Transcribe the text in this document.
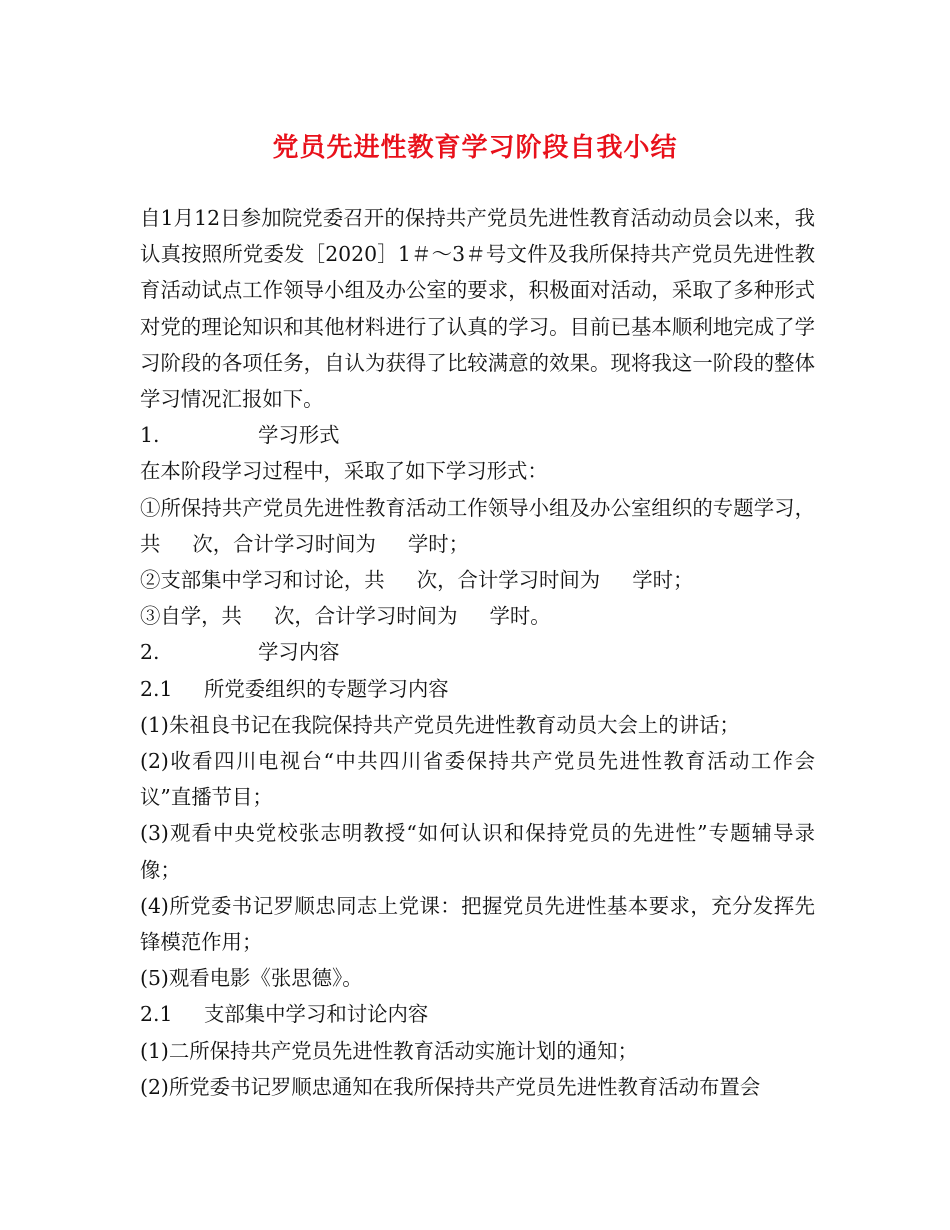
党员先进性教育学习阶段自我小结

自1月12日参加院党委召开的保持共产党员先进性教育活动动员会以来，我认真按照所党委发［2020］1＃～3＃号文件及我所保持共产党员先进性教育活动试点工作领导小组及办公室的要求，积极面对活动，采取了多种形式对党的理论知识和其他材料进行了认真的学习。目前已基本顺利地完成了学习阶段的各项任务，自认为获得了比较满意的效果。现将我这一阶段的整体学习情况汇报如下。

1.	学习形式

在本阶段学习过程中，采取了如下学习形式：

①所保持共产党员先进性教育活动工作领导小组及办公室组织的专题学习，共 次，合计学习时间为 学时；

②支部集中学习和讨论，共 次，合计学习时间为 学时；

③自学，共 次，合计学习时间为 学时。

2.	学习内容

2.1 所党委组织的专题学习内容

(1)朱祖良书记在我院保持共产党员先进性教育动员大会上的讲话；

(2)收看四川电视台“中共四川省委保持共产党员先进性教育活动工作会议”直播节目；

(3)观看中央党校张志明教授“如何认识和保持党员的先进性”专题辅导录像；

(4)所党委书记罗顺忠同志上党课：把握党员先进性基本要求，充分发挥先锋模范作用；

(5)观看电影《张思德》。

2.1 支部集中学习和讨论内容

(1)二所保持共产党员先进性教育活动实施计划的通知；

(2)所党委书记罗顺忠通知在我所保持共产党员先进性教育活动布置会
